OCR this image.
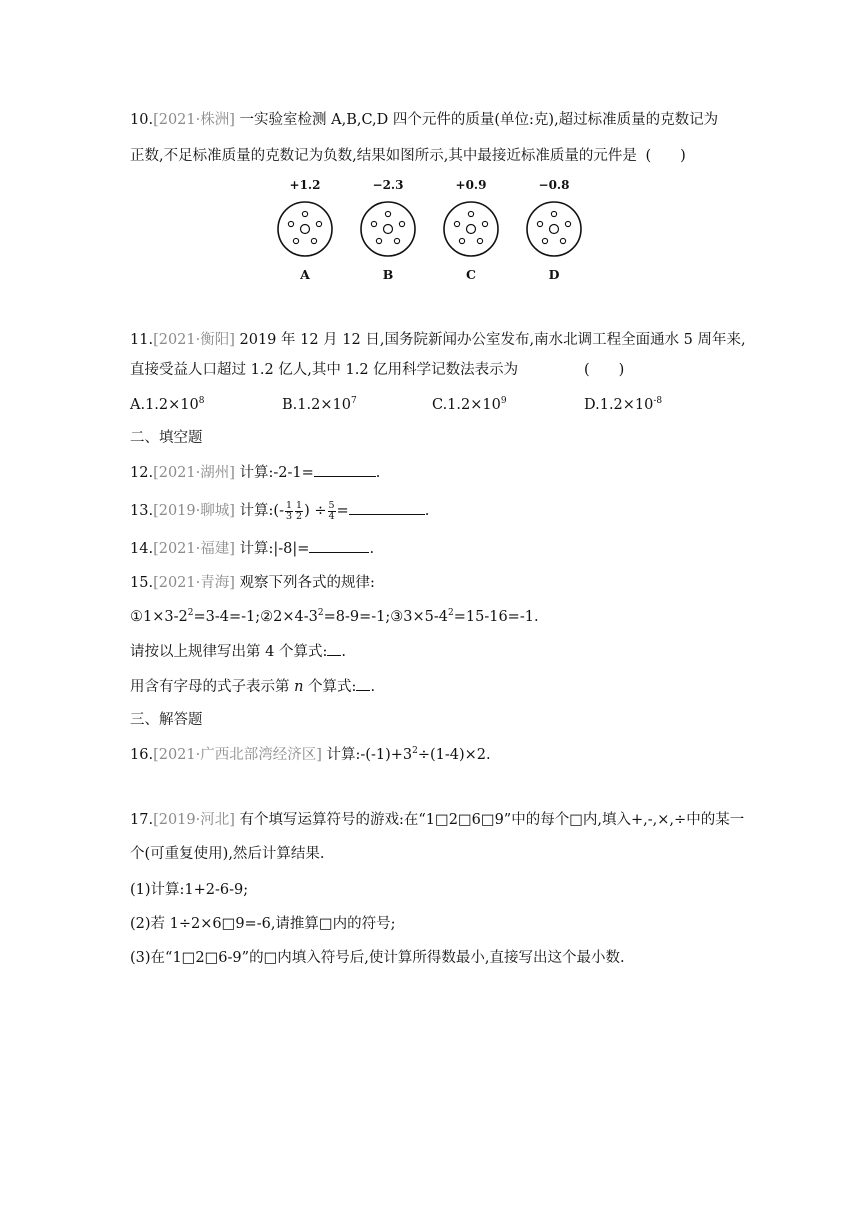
10.[2021·株洲] 一实验室检测 A,B,C,D 四个元件的质量(单位:克),超过标准质量的克数记为
正数,不足标准质量的克数记为负数,结果如图所示,其中最接近标准质量的元件是 (　　)
+1.2
A
−2.3
B
+0.9
C
−0.8
D
11.[2021·衡阳] 2019 年 12 月 12 日,国务院新闻办公室发布,南水北调工程全面通水 5 周年来,
直接受益人口超过 1.2 亿人,其中 1.2 亿用科学记数法表示为	(　　)
$A.1.2\times 10^8$	$B.1.2\times 10^7$	$C.1.2\times 10^9$	$D.1.2\times 10^{-8}$
二、填空题
12.[2021·湖州] 计算:-2-1=	.
13.[2019·聊城] 计算:(- $\frac{1}{3} \frac{1}{2}$ ) ÷ $\frac{5}{4}$ =	.
14.[2021·福建] 计算:|-8|=	.
15.[2021·青海] 观察下列各式的规律:
$①1\times 3-2^2=3-4=-1;②2\times 4-3^2=8-9=-1;③3\times 5-4^2=15-16=-1$.
请按以上规律写出第 4 个算式: .
用含有字母的式子表示第 n 个算式: .
三、解答题
16.[2021·广西北部湾经济区] 计算$:-(-1)+3^2\div(1-4)\times 2$.
17.[2019·河北] 有个填写运算符号的游戏:在“1□2□6□9”中的每个□内,填入+,-,×,÷中的某一
个(可重复使用),然后计算结果.
(1)计算:1+2-6-9;
(2)若 1÷2×6□9=-6,请推算□内的符号;
(3)在“1□2□6-9”的□内填入符号后,使计算所得数最小,直接写出这个最小数.
